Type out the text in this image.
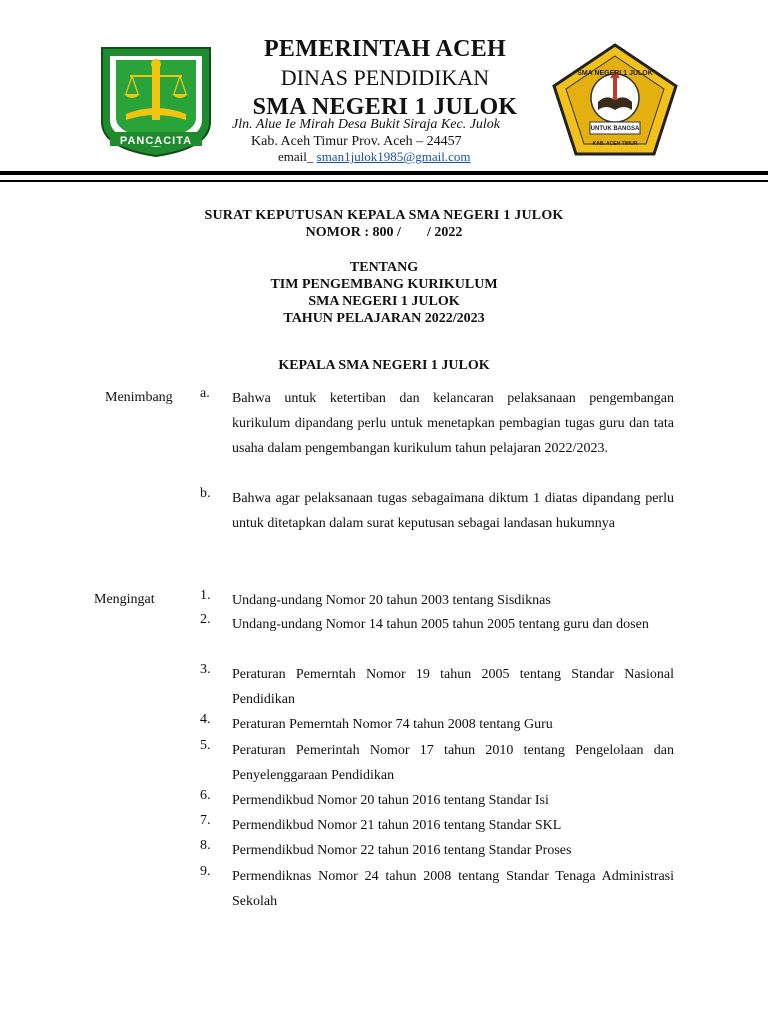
PANCACITA
SMA NEGERI 1 JULOK
UNTUK BANGSA
KAB. ACEH TIMUR
PEMERINTAH ACEH
DINAS PENDIDIKAN
SMA NEGERI 1 JULOK
Jln. Alue Ie Mirah Desa Bukit Siraja Kec. Julok
Kab. Aceh Timur Prov. Aceh – 24457
email_ sman1julok1985@gmail.com
SURAT KEPUTUSAN KEPALA SMA NEGERI 1 JULOK
NOMOR : 800 / / 2022
TENTANG
TIM PENGEMBANG KURIKULUM
SMA NEGERI 1 JULOK
TAHUN PELAJARAN 2022/2023
KEPALA SMA NEGERI 1 JULOK
Menimbang a.	Bahwa untuk ketertiban dan kelancaran pelaksanaan pengembangan kurikulum dipandang perlu untuk menetapkan pembagian tugas guru dan tata usaha dalam pengembangan kurikulum tahun pelajaran 2022/2023.
b.	Bahwa agar pelaksanaan tugas sebagaimana diktum 1 diatas dipandang perlu untuk ditetapkan dalam surat keputusan sebagai landasan hukumnya
Mengingat	1.	Undang-undang Nomor 20 tahun 2003 tentang Sisdiknas
2.	Undang-undang Nomor 14 tahun 2005 tahun 2005 tentang guru dan dosen
3.	Peraturan Pemerntah Nomor 19 tahun 2005 tentang Standar Nasional Pendidikan
4.	Peraturan Pemerntah Nomor 74 tahun 2008 tentang Guru
5.	Peraturan Pemerintah Nomor 17 tahun 2010 tentang Pengelolaan dan Penyelenggaraan Pendidikan
6.	Permendikbud Nomor 20 tahun 2016 tentang Standar Isi
7.	Permendikbud Nomor 21 tahun 2016 tentang Standar SKL
8.	Permendikbud Nomor 22 tahun 2016 tentang Standar Proses
9.	Permendiknas Nomor 24 tahun 2008 tentang Standar Tenaga Administrasi Sekolah
